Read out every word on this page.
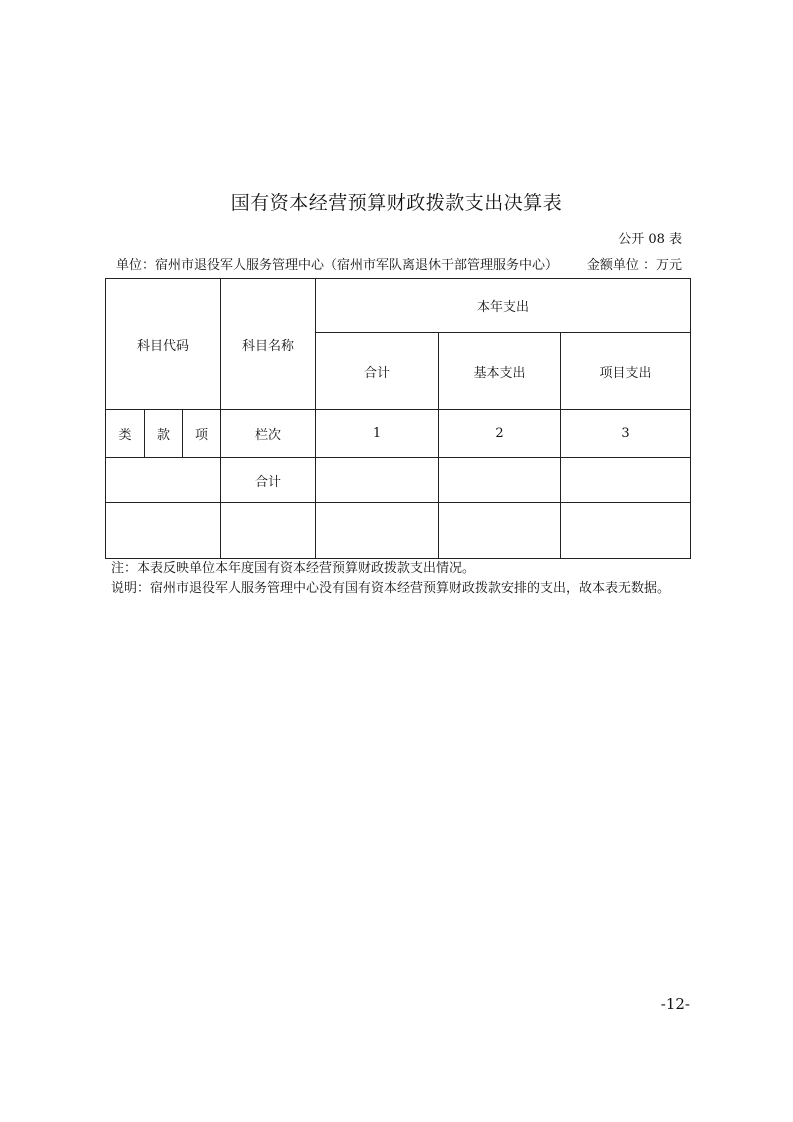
国有资本经营预算财政拨款支出决算表
公开 08 表
单位：宿州市退役军人服务管理中心（宿州市军队离退休干部管理服务中心） 金额单位 ：万元
科目代码			科目名称	本年支出		
				合计	基本支出	项目支出
类	款	项	栏次	1	2	3
			合计			

注：本表反映单位本年度国有资本经营预算财政拨款支出情况。
说明：宿州市退役军人服务管理中心没有国有资本经营预算财政拨款安排的支出，故本表无数据。
-12-
